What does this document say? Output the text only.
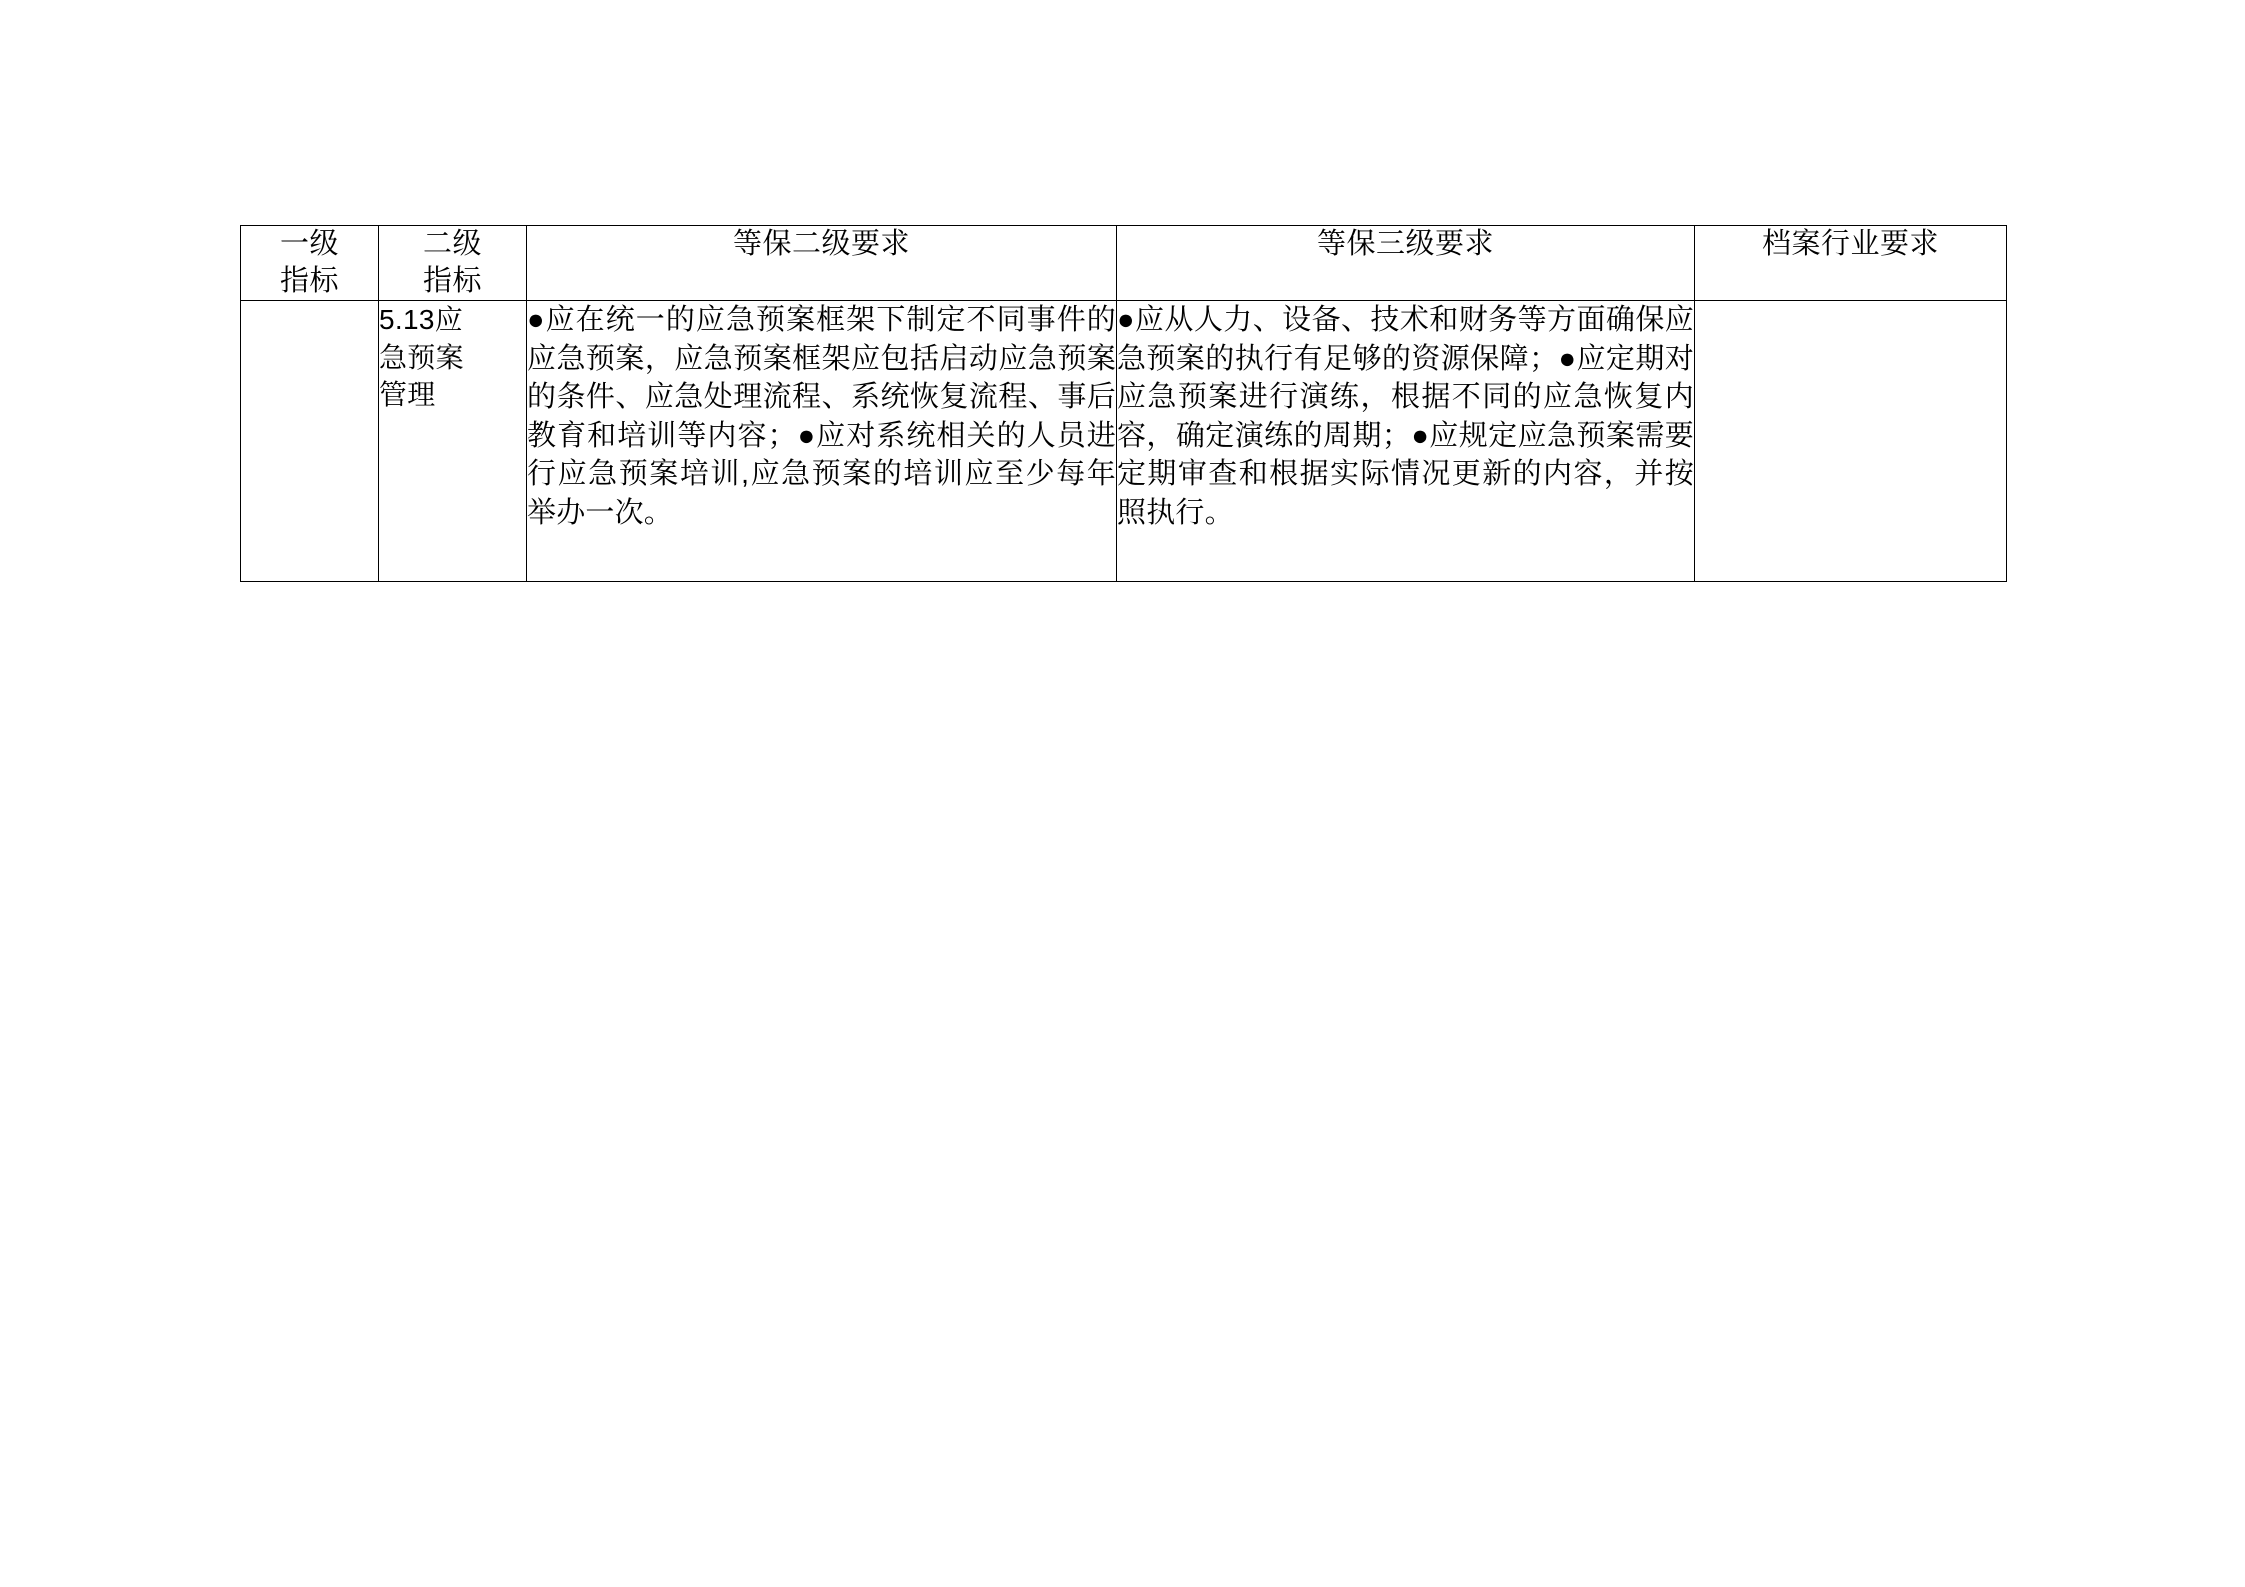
一级
指标	二级
指标	等保二级要求	等保三级要求	档案行业要求

	5.13应
急预案
管理	●应在统一的应急预案框架下制定不同事件的应急预案，应急预案框架应包括启动应急预案的条件、应急处理流程、系统恢复流程、事后教育和培训等内容；●应对系统相关的人员进行应急预案培训,应急预案的培训应至少每年举办一次。	●应从人力、设备、技术和财务等方面确保应急预案的执行有足够的资源保障；●应定期对应急预案进行演练，根据不同的应急恢复内容，确定演练的周期；●应规定应急预案需要定期审查和根据实际情况更新的内容，并按照执行。	
